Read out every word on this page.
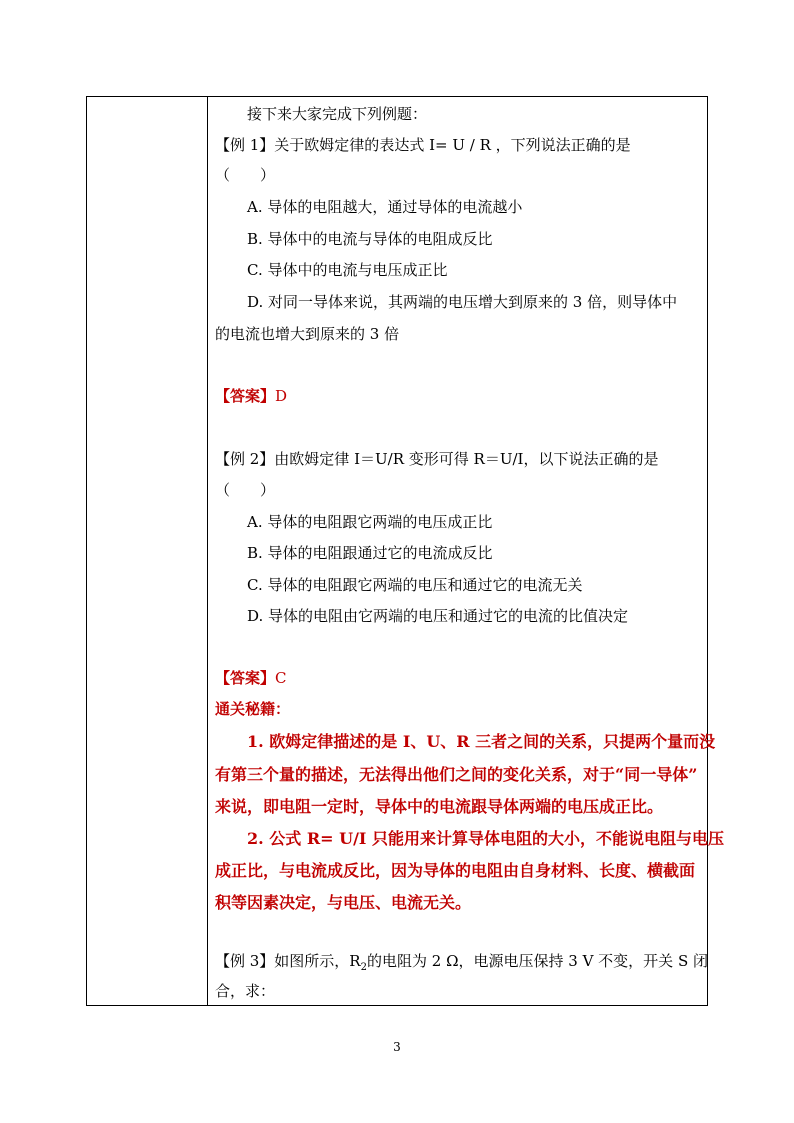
接下来大家完成下列例题：
【例 1】关于欧姆定律的表达式 I= U / R ，下列说法正确的是
（　　）
A. 导体的电阻越大，通过导体的电流越小
B. 导体中的电流与导体的电阻成反比
C. 导体中的电流与电压成正比
D. 对同一导体来说，其两端的电压增大到原来的 3 倍，则导体中
的电流也增大到原来的 3 倍
【答案】D
【例 2】由欧姆定律 I＝U/R 变形可得 R＝U/I，以下说法正确的是
（　　）
A. 导体的电阻跟它两端的电压成正比
B. 导体的电阻跟通过它的电流成反比
C. 导体的电阻跟它两端的电压和通过它的电流无关
D. 导体的电阻由它两端的电压和通过它的电流的比值决定
【答案】C
通关秘籍：
1. 欧姆定律描述的是 I、U、R 三者之间的关系，只提两个量而没
有第三个量的描述，无法得出他们之间的变化关系，对于“同一导体”
来说，即电阻一定时，导体中的电流跟导体两端的电压成正比。
2. 公式 R= U/I 只能用来计算导体电阻的大小，不能说电阻与电压
成正比，与电流成反比，因为导体的电阻由自身材料、长度、横截面
积等因素决定，与电压、电流无关。
【例 3】如图所示，$R_2$的电阻为 2 Ω，电源电压保持 3 V 不变，开关 S 闭
合，求：
3
